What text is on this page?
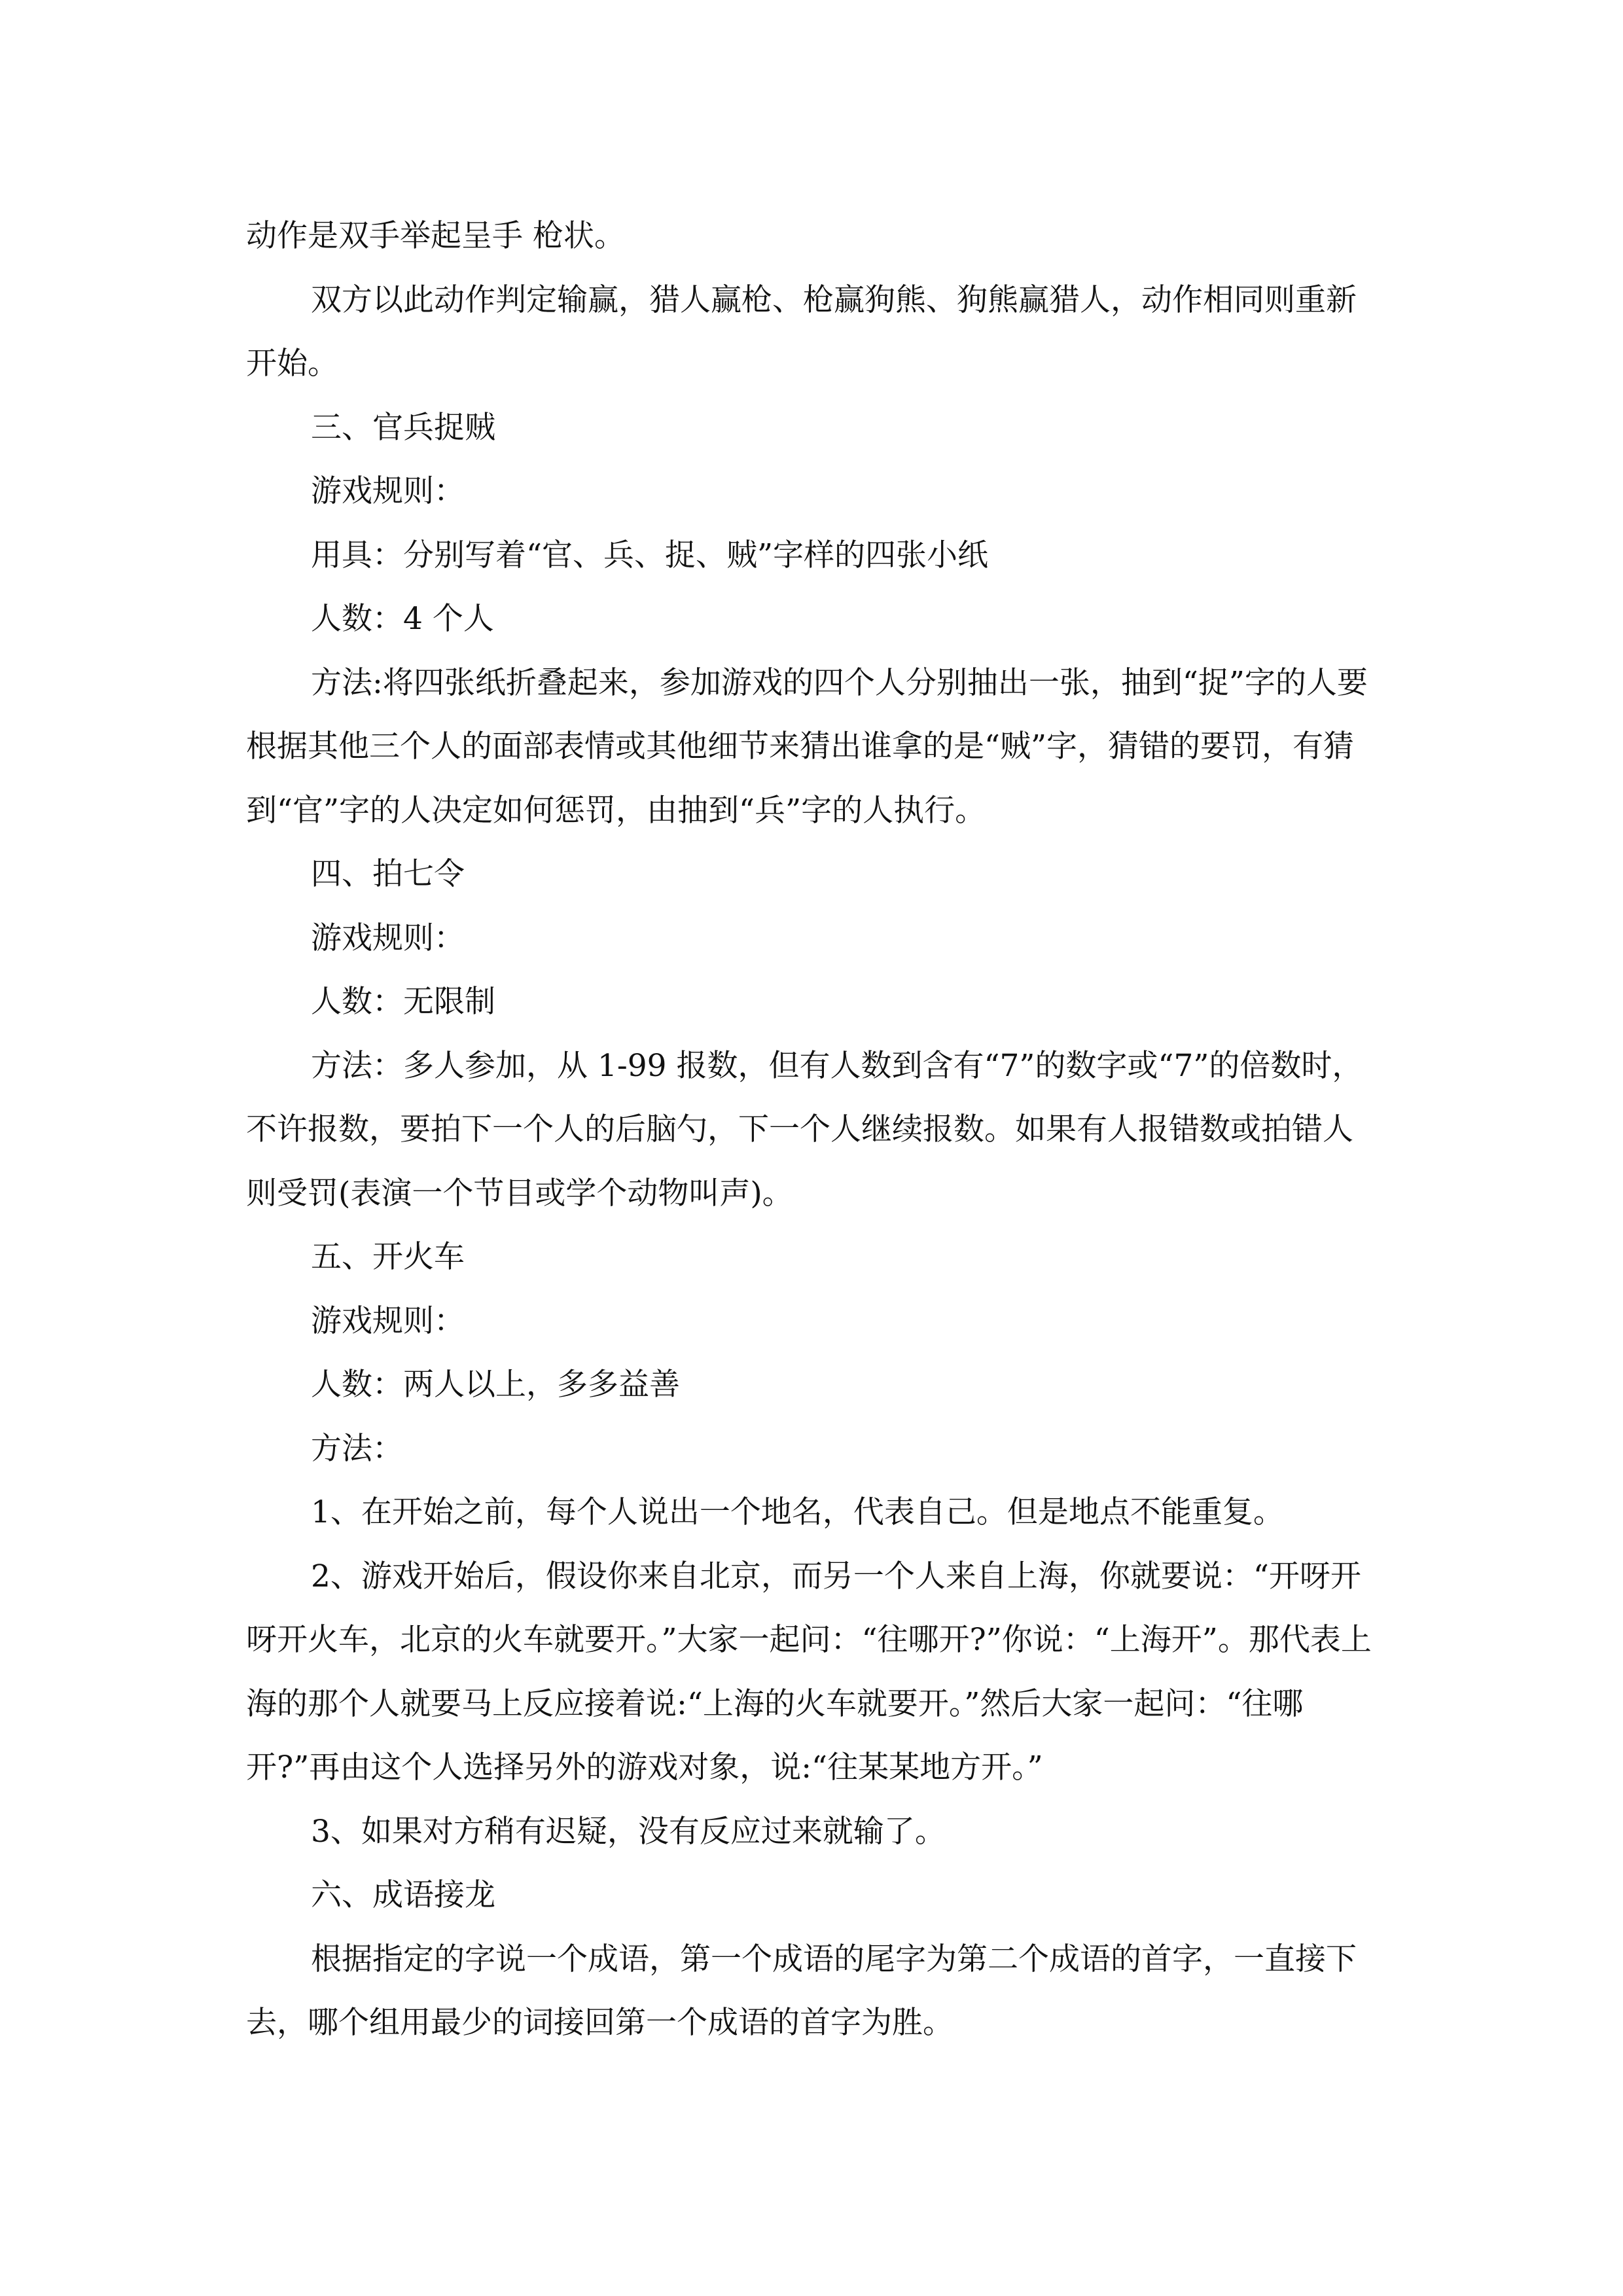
动作是双手举起呈手 枪状。

双方以此动作判定输赢，猎人赢枪、枪赢狗熊、狗熊赢猎人，动作相同则重新开始。

三、官兵捉贼

游戏规则：

用具：分别写着“官、兵、捉、贼”字样的四张小纸

人数：4 个人

方法:将四张纸折叠起来，参加游戏的四个人分别抽出一张，抽到“捉”字的人要根据其他三个人的面部表情或其他细节来猜出谁拿的是“贼”字，猜错的要罚，有猜到“官”字的人决定如何惩罚，由抽到“兵”字的人执行。

四、拍七令

游戏规则：

人数：无限制

方法：多人参加，从 1-99 报数，但有人数到含有“7”的数字或“7”的倍数时，不许报数，要拍下一个人的后脑勺，下一个人继续报数。如果有人报错数或拍错人则受罚(表演一个节目或学个动物叫声)。

五、开火车

游戏规则：

人数：两人以上，多多益善

方法：

1、在开始之前，每个人说出一个地名，代表自己。但是地点不能重复。

2、游戏开始后，假设你来自北京，而另一个人来自上海，你就要说：“开呀开呀开火车，北京的火车就要开。”大家一起问：“往哪开?”你说：“上海开”。那代表上海的那个人就要马上反应接着说:“上海的火车就要开。”然后大家一起问：“往哪开?”再由这个人选择另外的游戏对象，说:“往某某地方开。”

3、如果对方稍有迟疑，没有反应过来就输了。

六、成语接龙

根据指定的字说一个成语，第一个成语的尾字为第二个成语的首字，一直接下去，哪个组用最少的词接回第一个成语的首字为胜。
